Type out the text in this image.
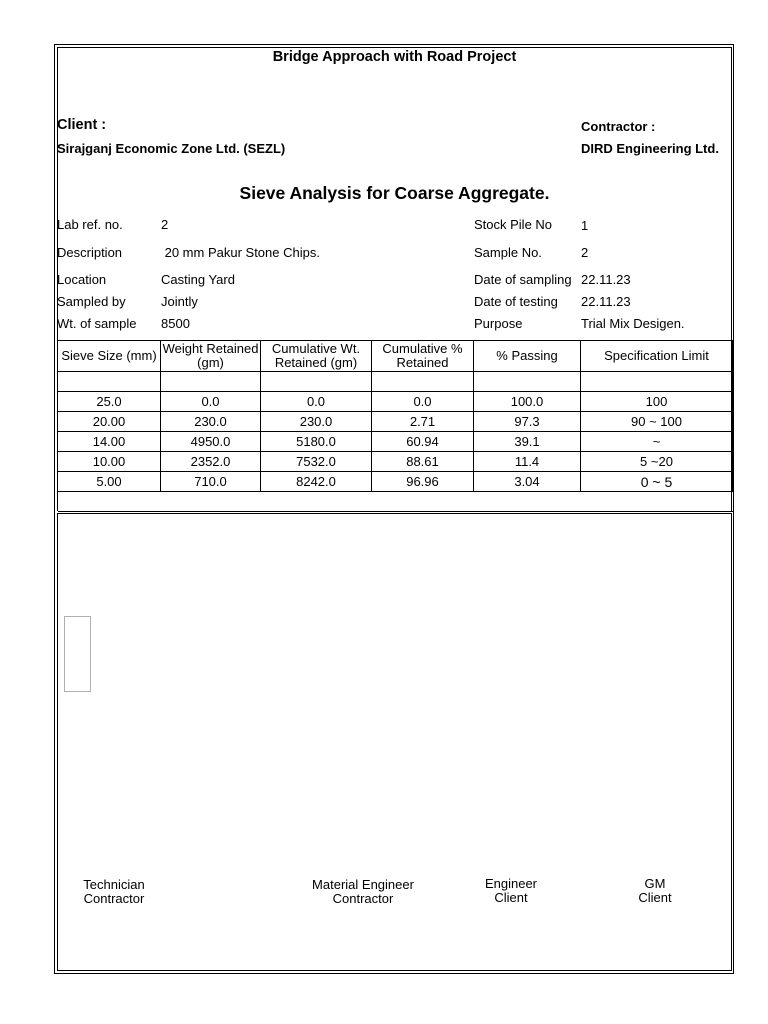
Bridge Approach with Road Project
Client :
Sirajganj Economic Zone Ltd. (SEZL)
Contractor :
DIRD Engineering Ltd.
Sieve Analysis for Coarse Aggregate.
Lab ref. no.	2
Description	20 mm Pakur Stone Chips.
Location	Casting Yard
Sampled by	Jointly
Wt. of sample 8500
Stock Pile No 1
Sample No.	2
Date of sampling 22.11.23
Date of testing 22.11.23
Purpose	Trial Mix Desigen.
Sieve Size (mm)	Weight Retained (gm)	Cumulative Wt. Retained (gm)	Cumulative % Retained	% Passing	Specification Limit

25.0	0.0	0.0	0.0	100.0	100
20.00	230.0	230.0	2.71	97.3	90 ~ 100
14.00	4950.0	5180.0	60.94	39.1	~
10.00	2352.0	7532.0	88.61	11.4	5 ~20
5.00	710.0	8242.0	96.96	3.04	0 ~ 5

Technician
Contractor
Material Engineer
Contractor
Engineer
Client
GM
Client
